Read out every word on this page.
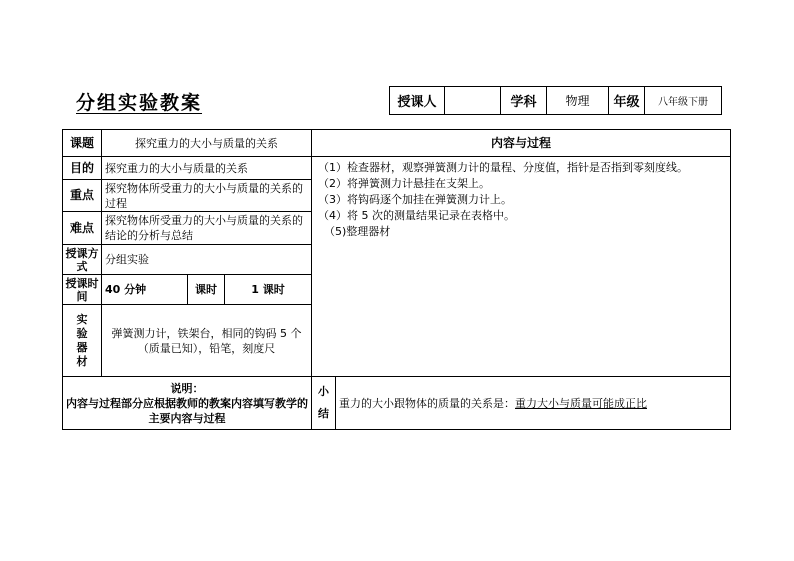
分组实验教案	授课人		学科	物理	年级	八年级下册
课题	探究重力的大小与质量的关系			内容与过程	
目的	探究重力的大小与质量的关系			（1）检查器材，观察弹簧测力计的量程、分度值，指针是否指到零刻度线。
（2）将弹簧测力计悬挂在支架上。
（3）将钩码逐个加挂在弹簧测力计上。
（4）将 5 次的测量结果记录在表格中。
（5)整理器材	

重点	探究物体所受重力的大小与质量的关系的过程				
难点	探究物体所受重力的大小与质量的关系的结论的分析与总结				
授课方式	分组实验				
授课时间	40 分钟	课时	1 课时		
实验器材	弹簧测力计，铁架台，相同的钩码 5 个（质量已知），铅笔，刻度尺				

说明：
内容与过程部分应根据教师的教案内容填写教学的主要内容与过程				小结	重力的大小跟物体的质量的关系是：重力大小与质量可能成正比
